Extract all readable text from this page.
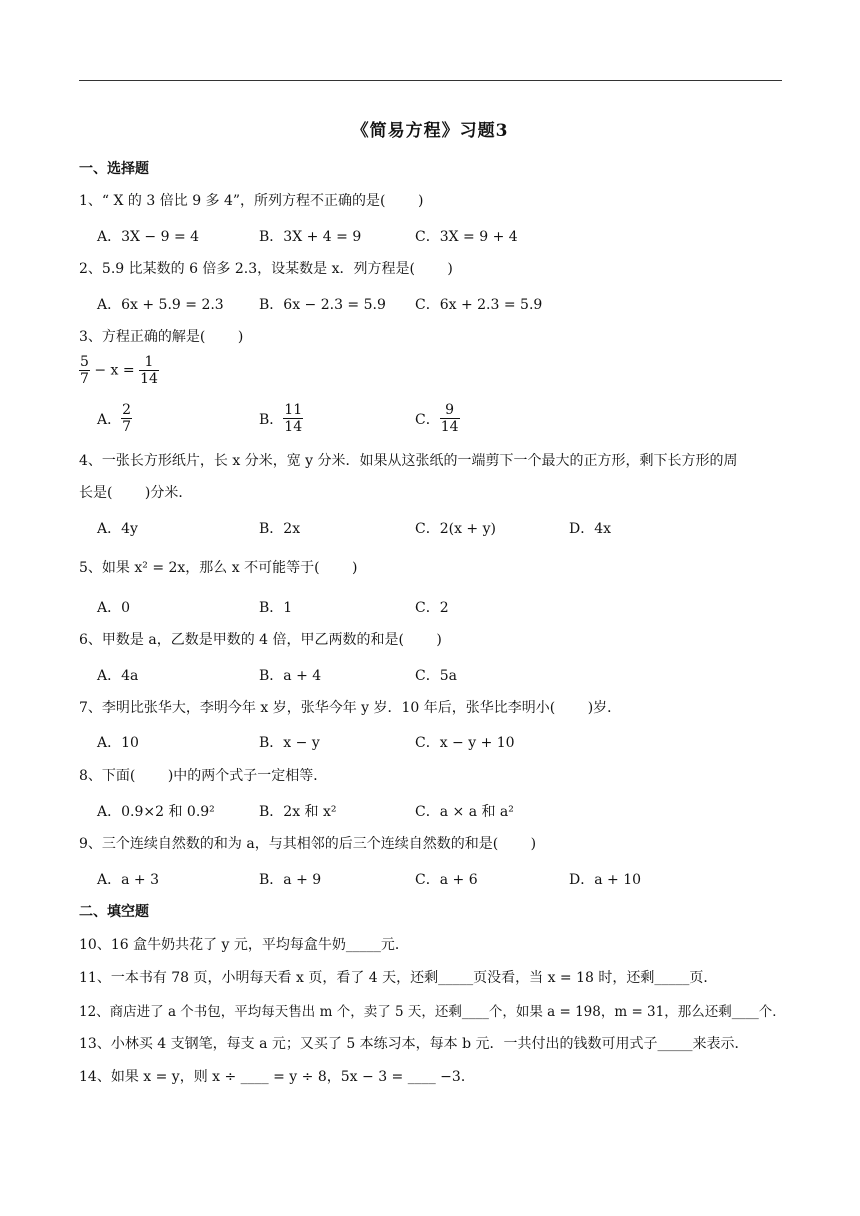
《简易方程》习题3
一、选择题
1、“ X 的 3 倍比 9 多 4”，所列方程不正确的是(　　 )
A．3X − 9 = 4	B．3X + 4 = 9	C．3X = 9 + 4
2、5.9 比某数的 6 倍多 2.3，设某数是 x．列方程是(　　 )
A．6x + 5.9 = 2.3	B．6x − 2.3 = 5.9 C．6x + 2.3 = 5.9
3、方程正确的解是(　　 )
$\frac{5}{7} - x = \frac{1}{14}$
A． $\frac{2}{7}$	B． $\frac{11}{14}$	C． $\frac{9}{14}$
4、一张长方形纸片，长 x 分米，宽 y 分米．如果从这张纸的一端剪下一个最大的正方形，剩下长方形的周
长是(　　 )分米．
A．4y	B．2x	C．2(x + y)	D．4x
5、如果 x² = 2x，那么 x 不可能等于(　　 )
A．0	B．1	C．2
6、甲数是 a，乙数是甲数的 4 倍，甲乙两数的和是(　　 )
A．4a	B．a + 4	C．5a
7、李明比张华大，李明今年 x 岁，张华今年 y 岁．10 年后，张华比李明小(　　 )岁．
A．10	B．x − y	C．x − y + 10
8、下面(　　 )中的两个式子一定相等．
A．0.9×2 和 0.9²	B．2x 和 x²	C．a × a 和 a²
9、三个连续自然数的和为 a，与其相邻的后三个连续自然数的和是(　　 )
A．a + 3	B．a + 9	C．a + 6	D．a + 10
二、填空题
10、16 盒牛奶共花了 y 元，平均每盒牛奶_____元．
11、一本书有 78 页，小明每天看 x 页，看了 4 天，还剩_____页没看，当 x = 18 时，还剩_____页．
12、商店进了 a 个书包，平均每天售出 m 个，卖了 5 天，还剩____个，如果 a = 198，m = 31，那么还剩____个．
13、小林买 4 支钢笔，每支 a 元；又买了 5 本练习本，每本 b 元．一共付出的钱数可用式子_____来表示．
14、如果 x = y，则 x ÷ ____ = y ÷ 8，5x − 3 = ____ −3．
